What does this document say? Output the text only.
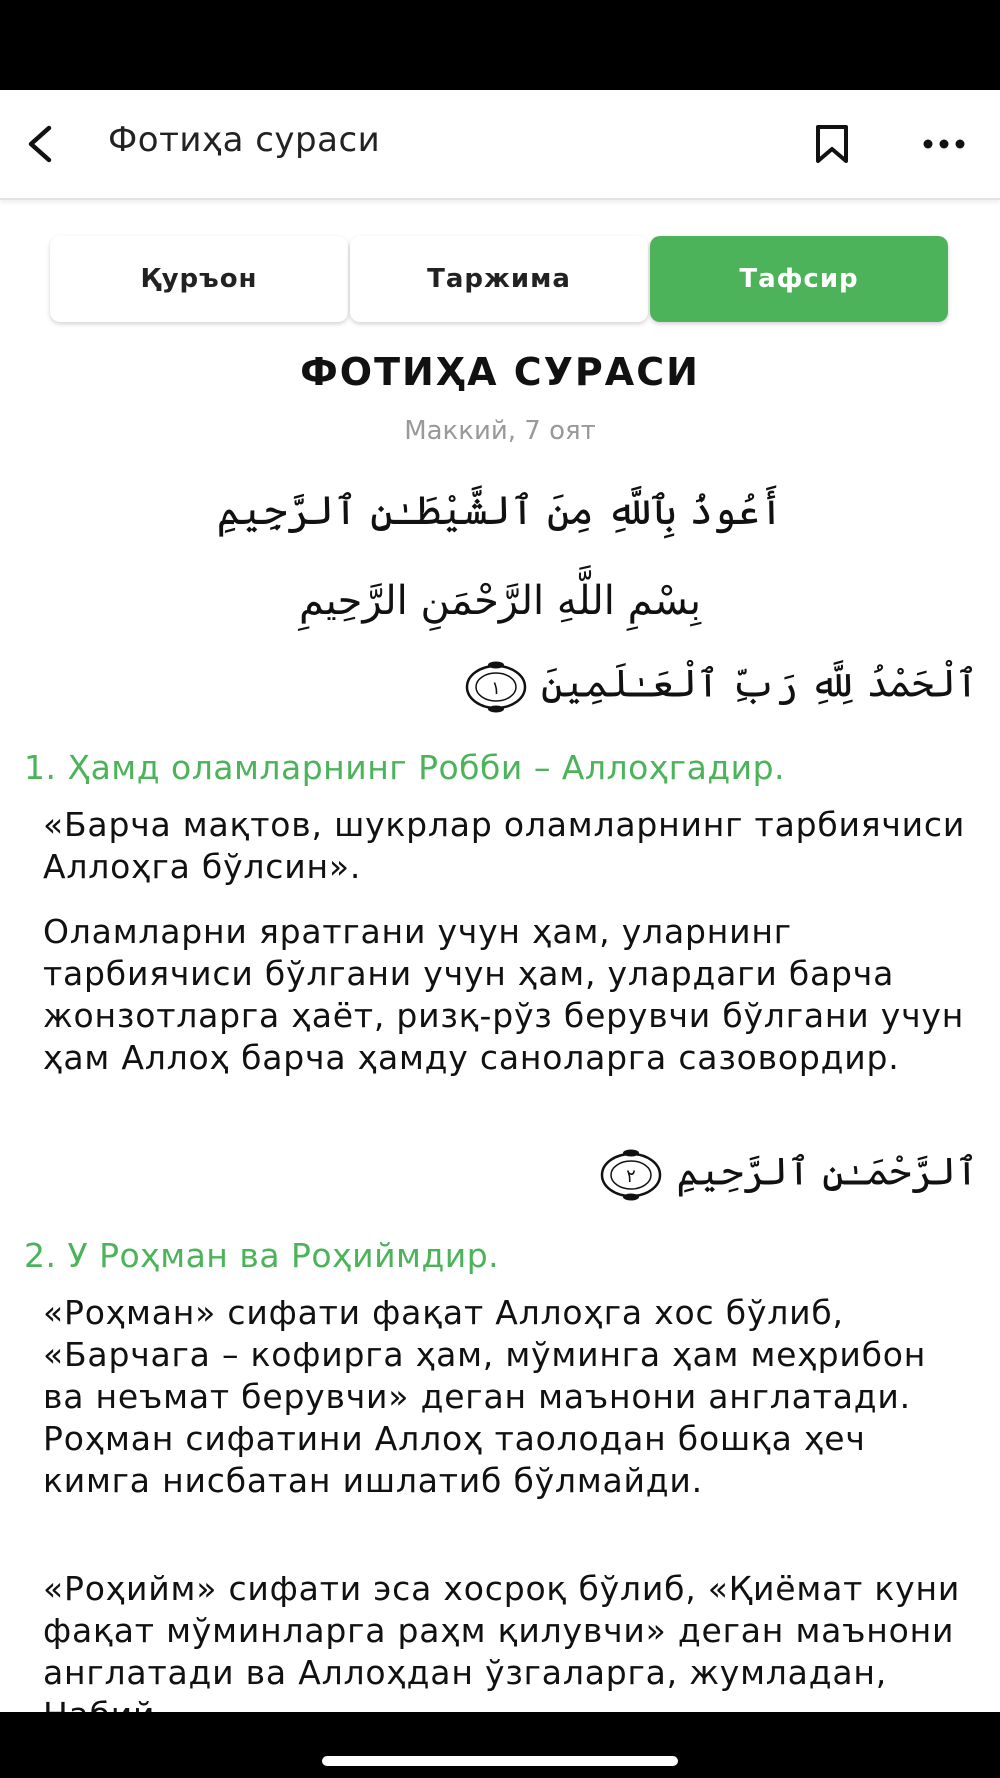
Фотиҳа сураси
Қуръон	Таржима	Тафсир
ФОТИҲА СУРАСИ
Маккий, 7 оят
أَعُوذُ بِٱللَّهِ مِنَ ٱلشَّيْطَـٰنِ ٱلرَّجِيمِ
بِسْمِ اللَّهِ الرَّحْمَنِ الرَّحِيمِ
ٱلْحَمْدُ لِلَّهِ رَبِّ ٱلْعَـٰلَمِينَ
١
1. Ҳамд оламларнинг Робби – Аллоҳгадир.

«Барча мақтов, шукрлар оламларнинг тарбиячиси Аллоҳга бўлсин».

Оламларни яратгани учун ҳам, уларнинг тарбиячиси бўлгани учун ҳам, улардаги барча жонзотларга ҳаёт, ризқ-рўз берувчи бўлгани учун ҳам Аллоҳ барча ҳамду саноларга сазовордир.

ٱلرَّحْمَـٰنِ ٱلرَّحِيمِ
٢
2. У Роҳман ва Роҳиймдир.

«Роҳман» сифати фақат Аллоҳга хос бўлиб, «Барчага – кофирга ҳам, мўминга ҳам меҳрибон ва неъмат берувчи» деган маънони англатади. Роҳман сифатини Аллоҳ таолодан бошқа ҳеч кимга нисбатан ишлатиб бўлмайди.

«Роҳийм» сифати эса хосроқ бўлиб, «Қиёмат куни фақат мўминларга раҳм қилувчи» деган маънони англатади ва Аллоҳдан ўзгаларга, жумладан,
